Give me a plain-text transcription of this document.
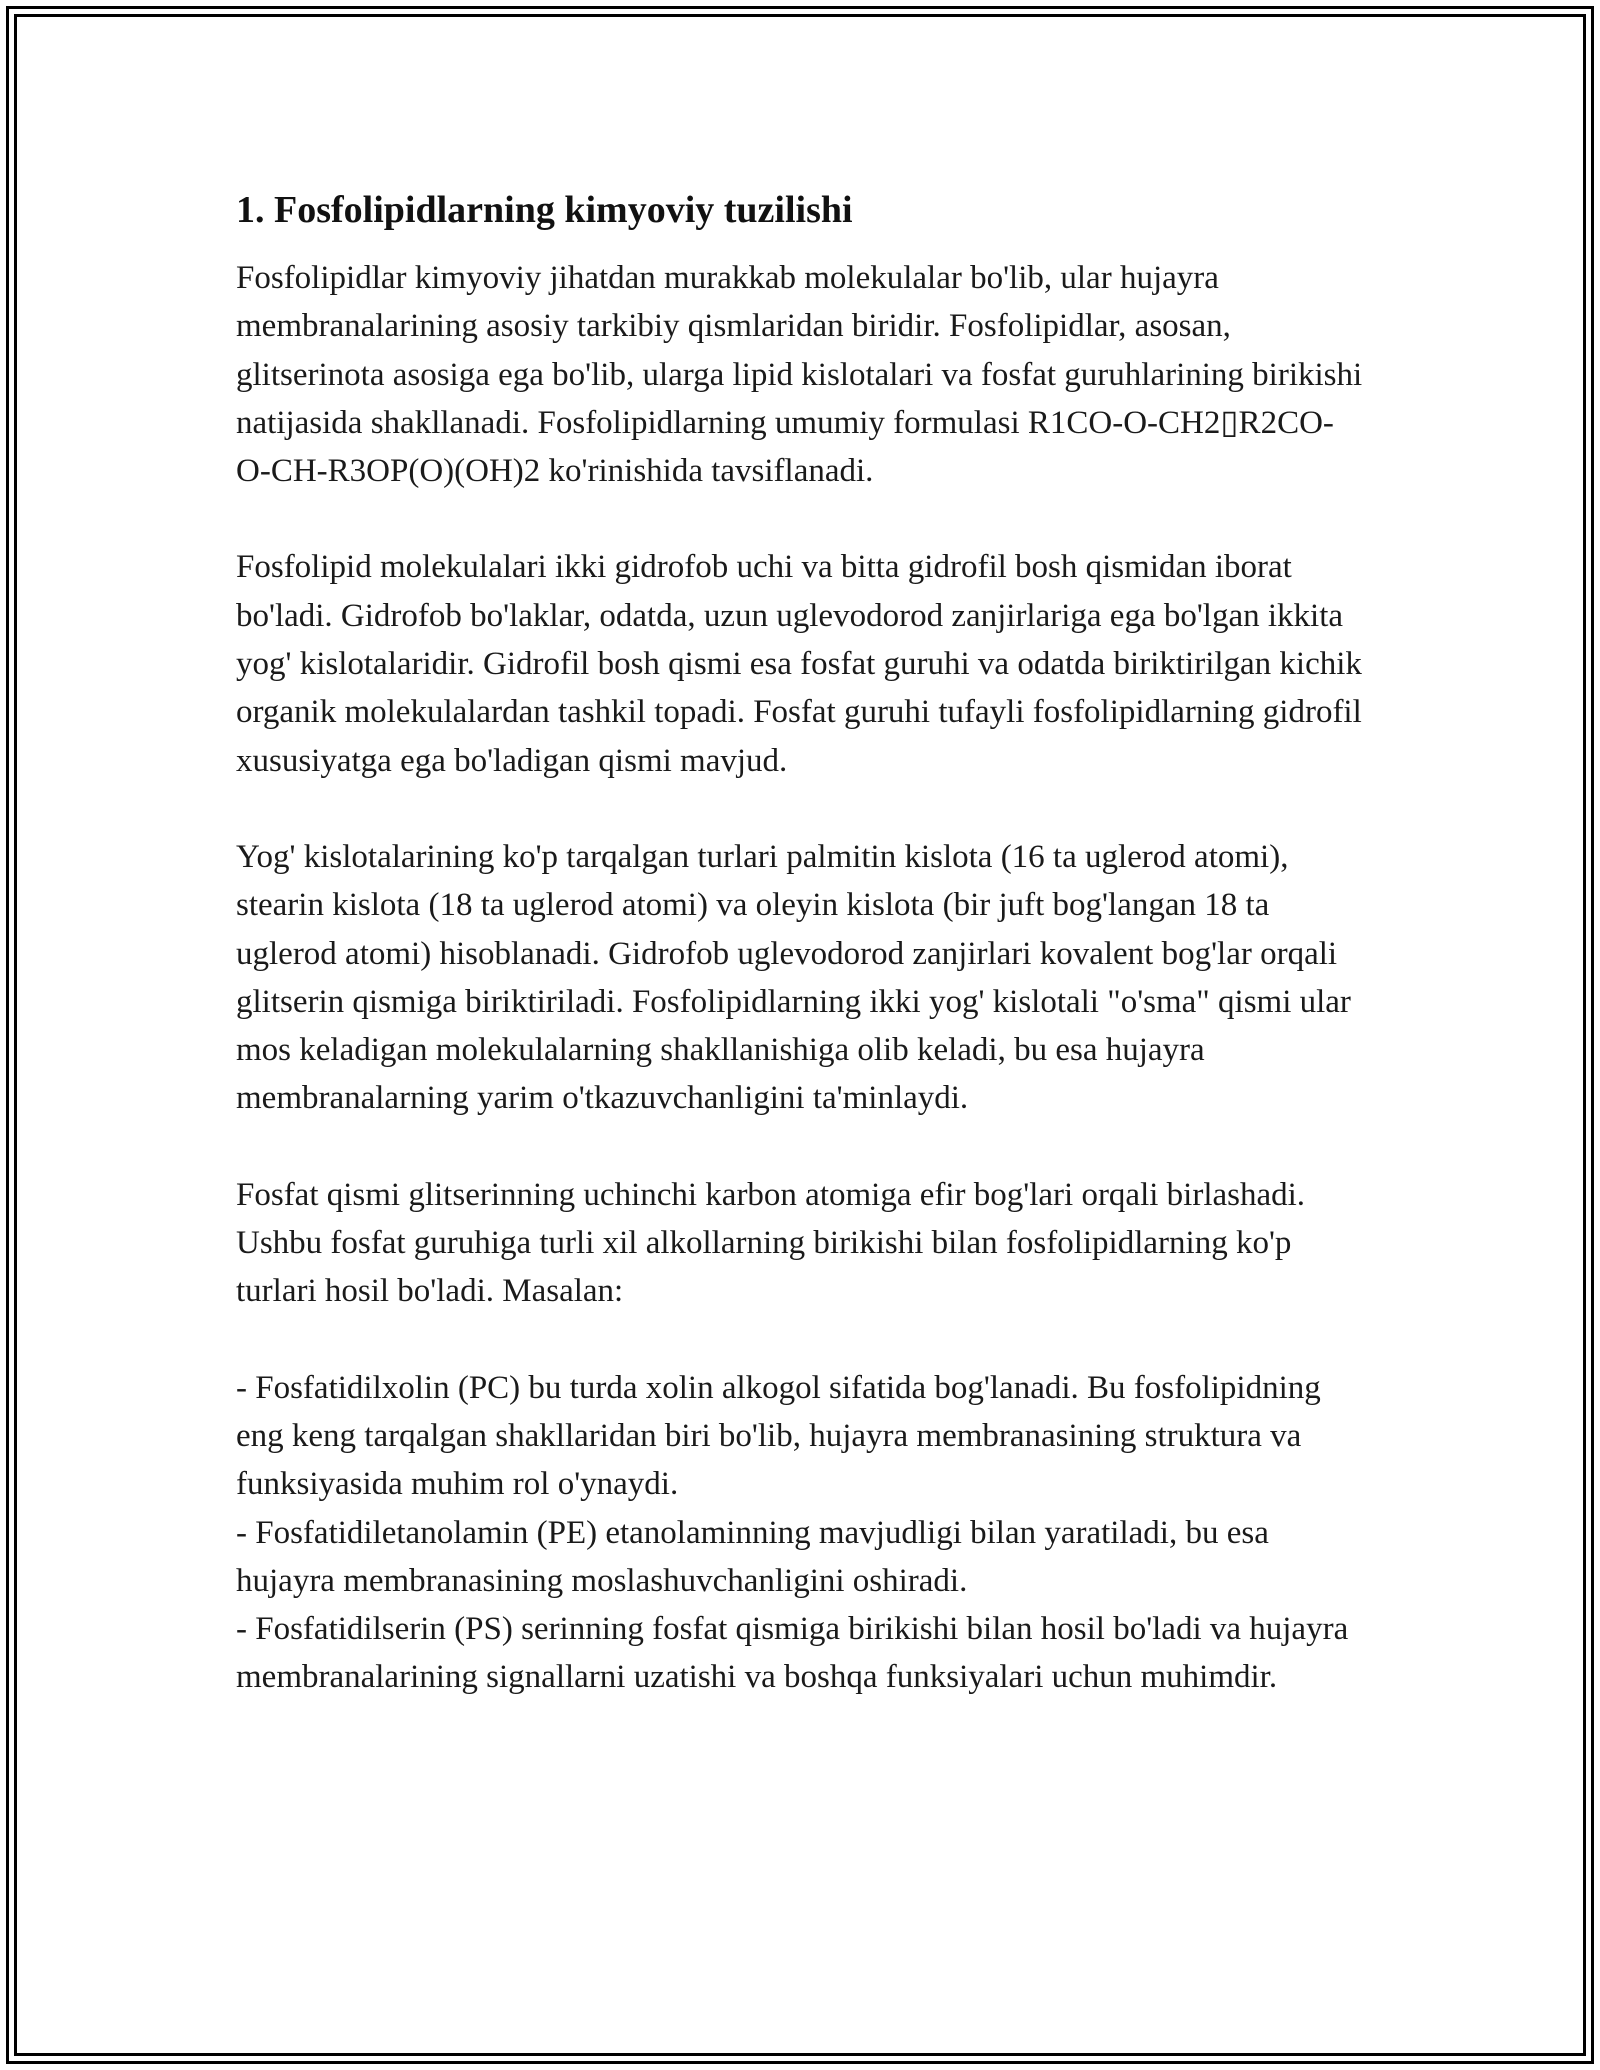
1. Fosfolipidlarning kimyoviy tuzilishi

Fosfolipidlar kimyoviy jihatdan murakkab molekulalar bo'lib, ular hujayra membranalarining asosiy tarkibiy qismlaridan biridir. Fosfolipidlar, asosan, glitserinota asosiga ega bo'lib, ularga lipid kislotalari va fosfat guruhlarining birikishi natijasida shakllanadi. Fosfolipidlarning umumiy formulasi R1CO-O-CH2▯R2CO-O-CH-R3OP(O)(OH)2 ko'rinishida tavsiflanadi.

Fosfolipid molekulalari ikki gidrofob uchi va bitta gidrofil bosh qismidan iborat bo'ladi. Gidrofob bo'laklar, odatda, uzun uglevodorod zanjirlariga ega bo'lgan ikkita yog' kislotalaridir. Gidrofil bosh qismi esa fosfat guruhi va odatda biriktirilgan kichik organik molekulalardan tashkil topadi. Fosfat guruhi tufayli fosfolipidlarning gidrofil xususiyatga ega bo'ladigan qismi mavjud.

Yog' kislotalarining ko'p tarqalgan turlari palmitin kislota (16 ta uglerod atomi), stearin kislota (18 ta uglerod atomi) va oleyin kislota (bir juft bog'langan 18 ta uglerod atomi) hisoblanadi. Gidrofob uglevodorod zanjirlari kovalent bog'lar orqali glitserin qismiga biriktiriladi. Fosfolipidlarning ikki yog' kislotali "o'sma" qismi ular mos keladigan molekulalarning shakllanishiga olib keladi, bu esa hujayra membranalarning yarim o'tkazuvchanligini ta'minlaydi.

Fosfat qismi glitserinning uchinchi karbon atomiga efir bog'lari orqali birlashadi. Ushbu fosfat guruhiga turli xil alkollarning birikishi bilan fosfolipidlarning ko'p turlari hosil bo'ladi. Masalan:

- Fosfatidilxolin (PC) bu turda xolin alkogol sifatida bog'lanadi. Bu fosfolipidning eng keng tarqalgan shakllaridan biri bo'lib, hujayra membranasining struktura va funksiyasida muhim rol o'ynaydi.

- Fosfatidiletanolamin (PE) etanolaminning mavjudligi bilan yaratiladi, bu esa hujayra membranasining moslashuvchanligini oshiradi.

- Fosfatidilserin (PS) serinning fosfat qismiga birikishi bilan hosil bo'ladi va hujayra membranalarining signallarni uzatishi va boshqa funksiyalari uchun muhimdir.
